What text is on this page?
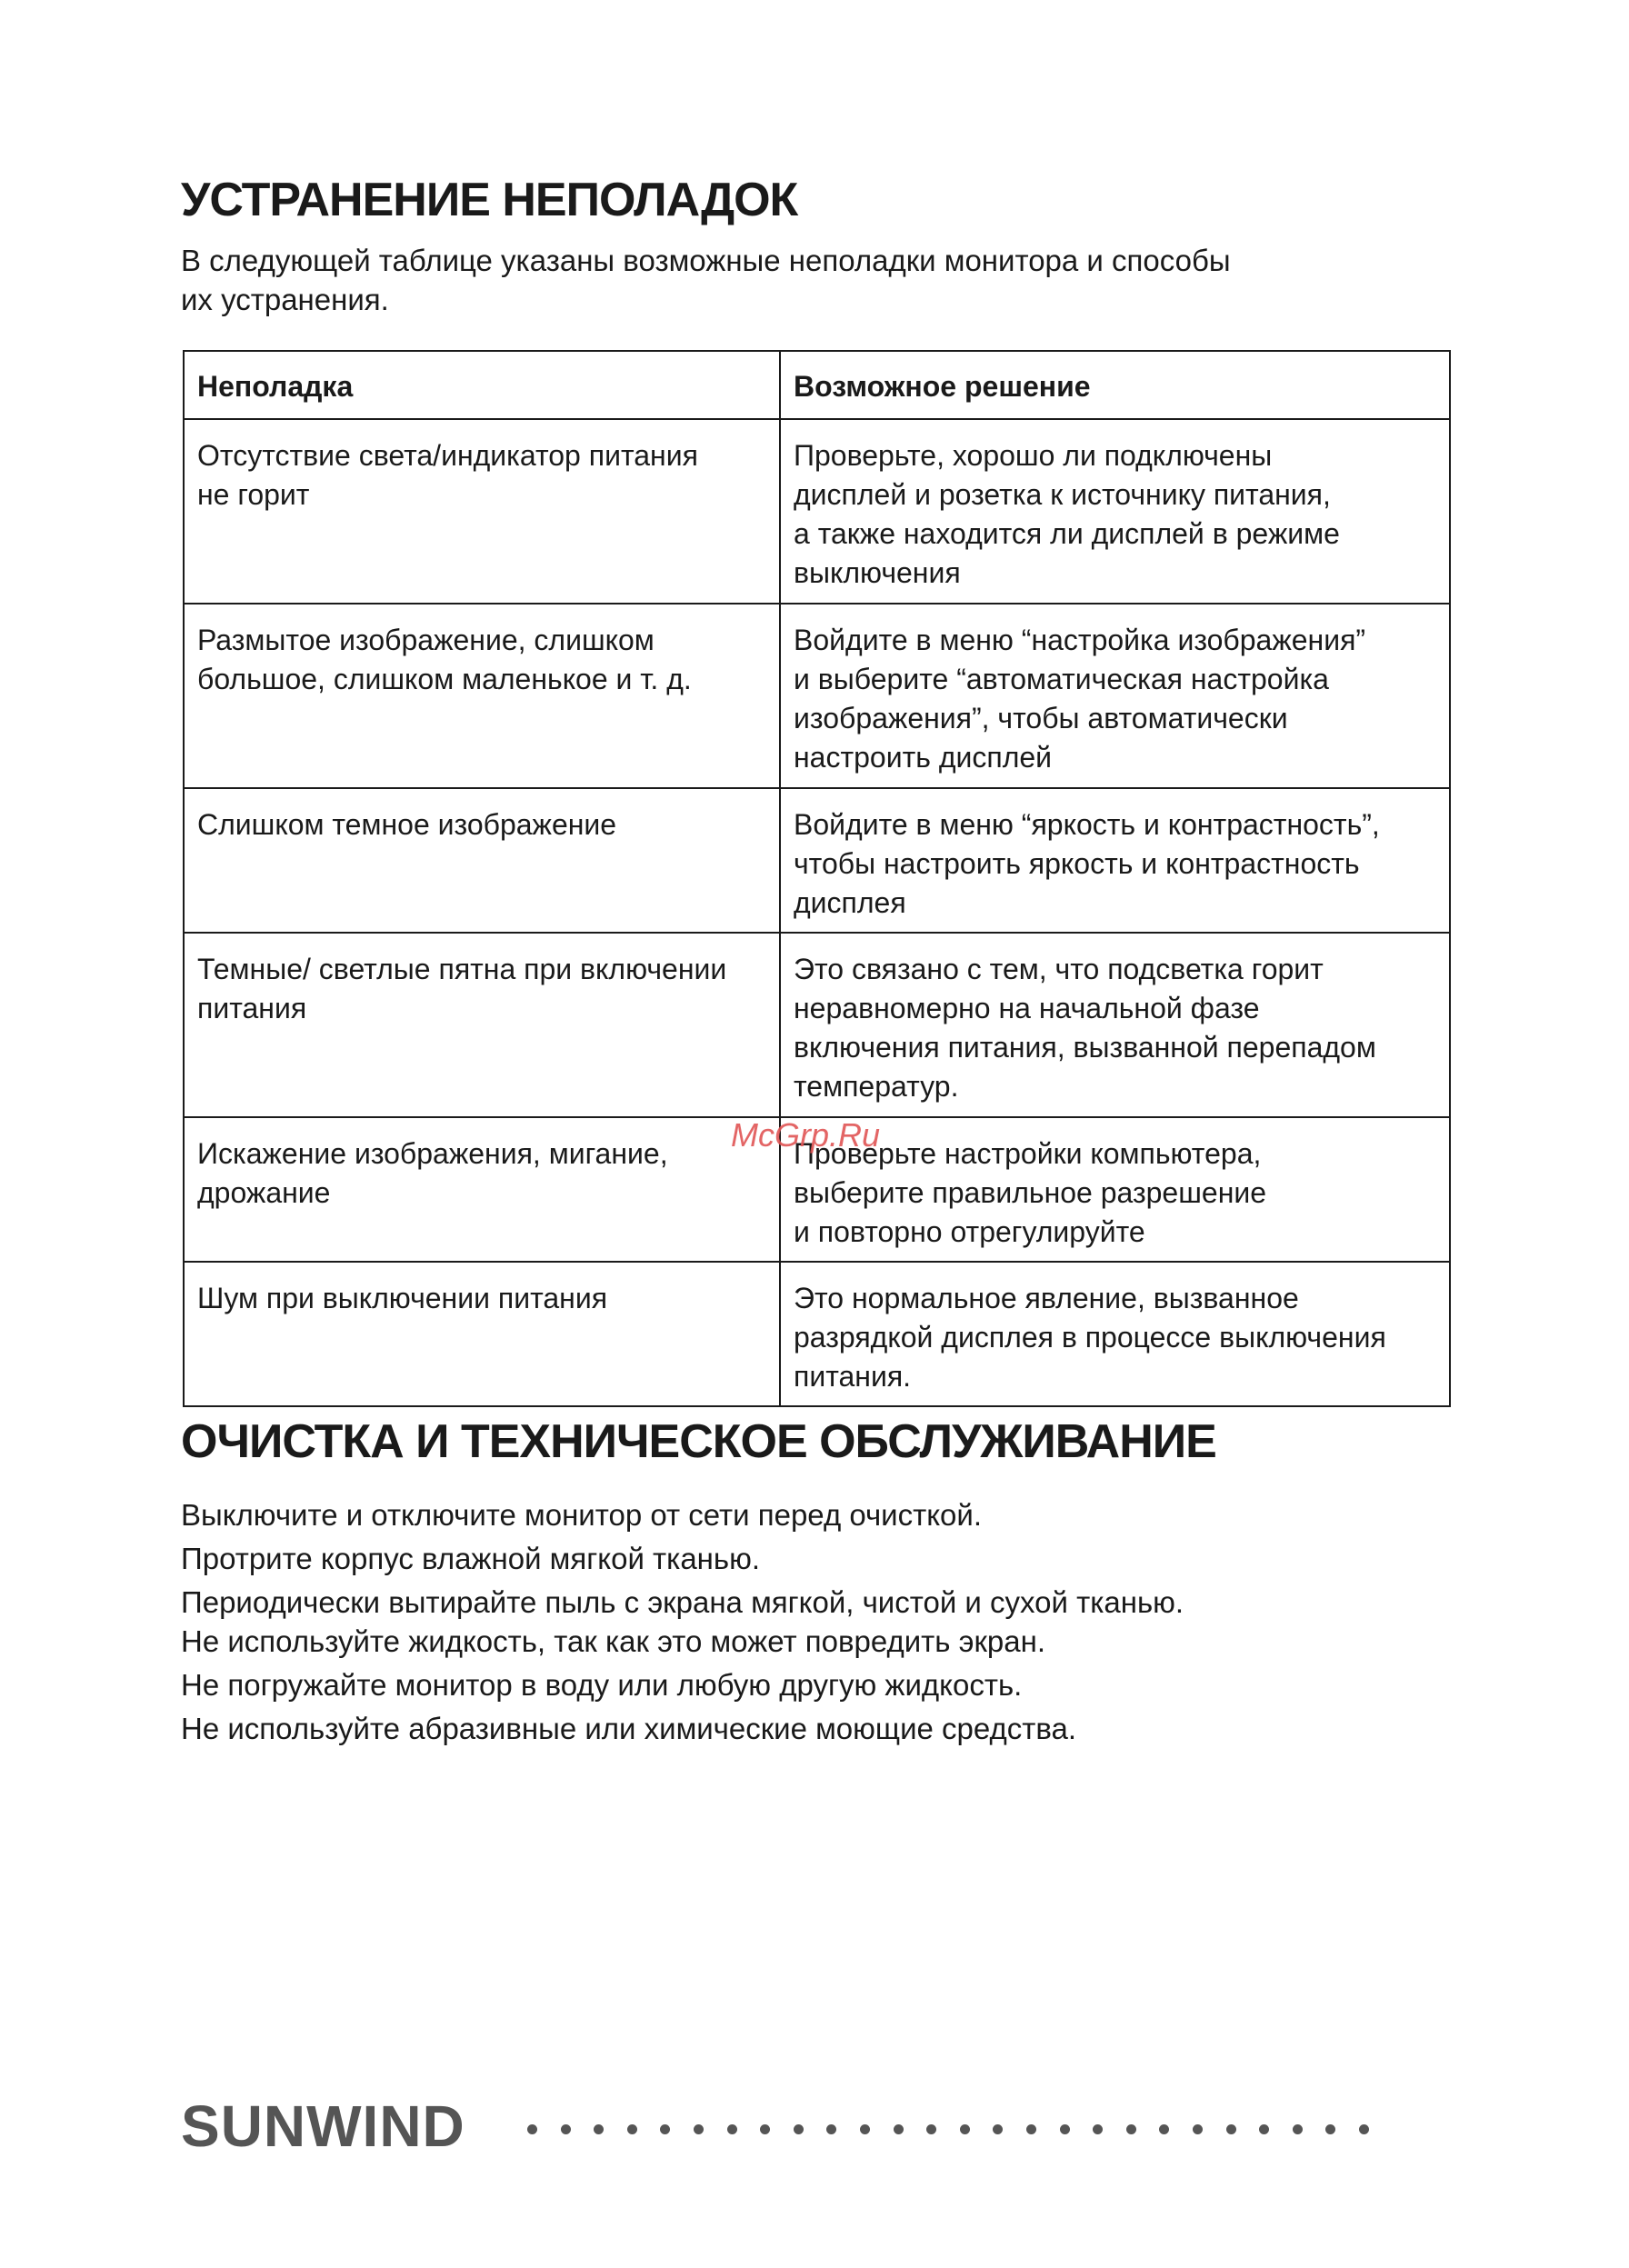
УСТРАНЕНИЕ НЕПОЛАДОК
В следующей таблице указаны возможные неполадки монитора и способы
их устранения.
Неполадка	Возможное решение

Отсутствие света/индикатор питания
не горит	Проверьте, хорошо ли подключены
дисплей и розетка к источнику питания,
а также находится ли дисплей в режиме
выключения

Размытое изображение, слишком
большое, слишком маленькое и т. д.	Войдите в меню “настройка изображения”
и выберите “автоматическая настройка
изображения”, чтобы автоматически
настроить дисплей

Слишком темное изображение	Войдите в меню “яркость и контрастность”,
чтобы настроить яркость и контрастность
дисплея

Темные/ светлые пятна при включении
питания	Это связано с тем, что подсветка горит
неравномерно на начальной фазе
включения питания, вызванной перепадом
температур.

Искажение изображения, мигание,
дрожание	Проверьте настройки компьютера,
выберите правильное разрешение
и повторно отрегулируйте

Шум при выключении питания	Это нормальное явление, вызванное
разрядкой дисплея в процессе выключения
питания.
McGrp.Ru
ОЧИСТКА И ТЕХНИЧЕСКОЕ ОБСЛУЖИВАНИЕ
Выключите и отключите монитор от сети перед очисткой.
Протрите корпус влажной мягкой тканью.
Периодически вытирайте пыль с экрана мягкой, чистой и сухой тканью.
Не используйте жидкость, так как это может повредить экран.
Не погружайте монитор в воду или любую другую жидкость.
Не используйте абразивные или химические моющие средства.
SUNWIND
